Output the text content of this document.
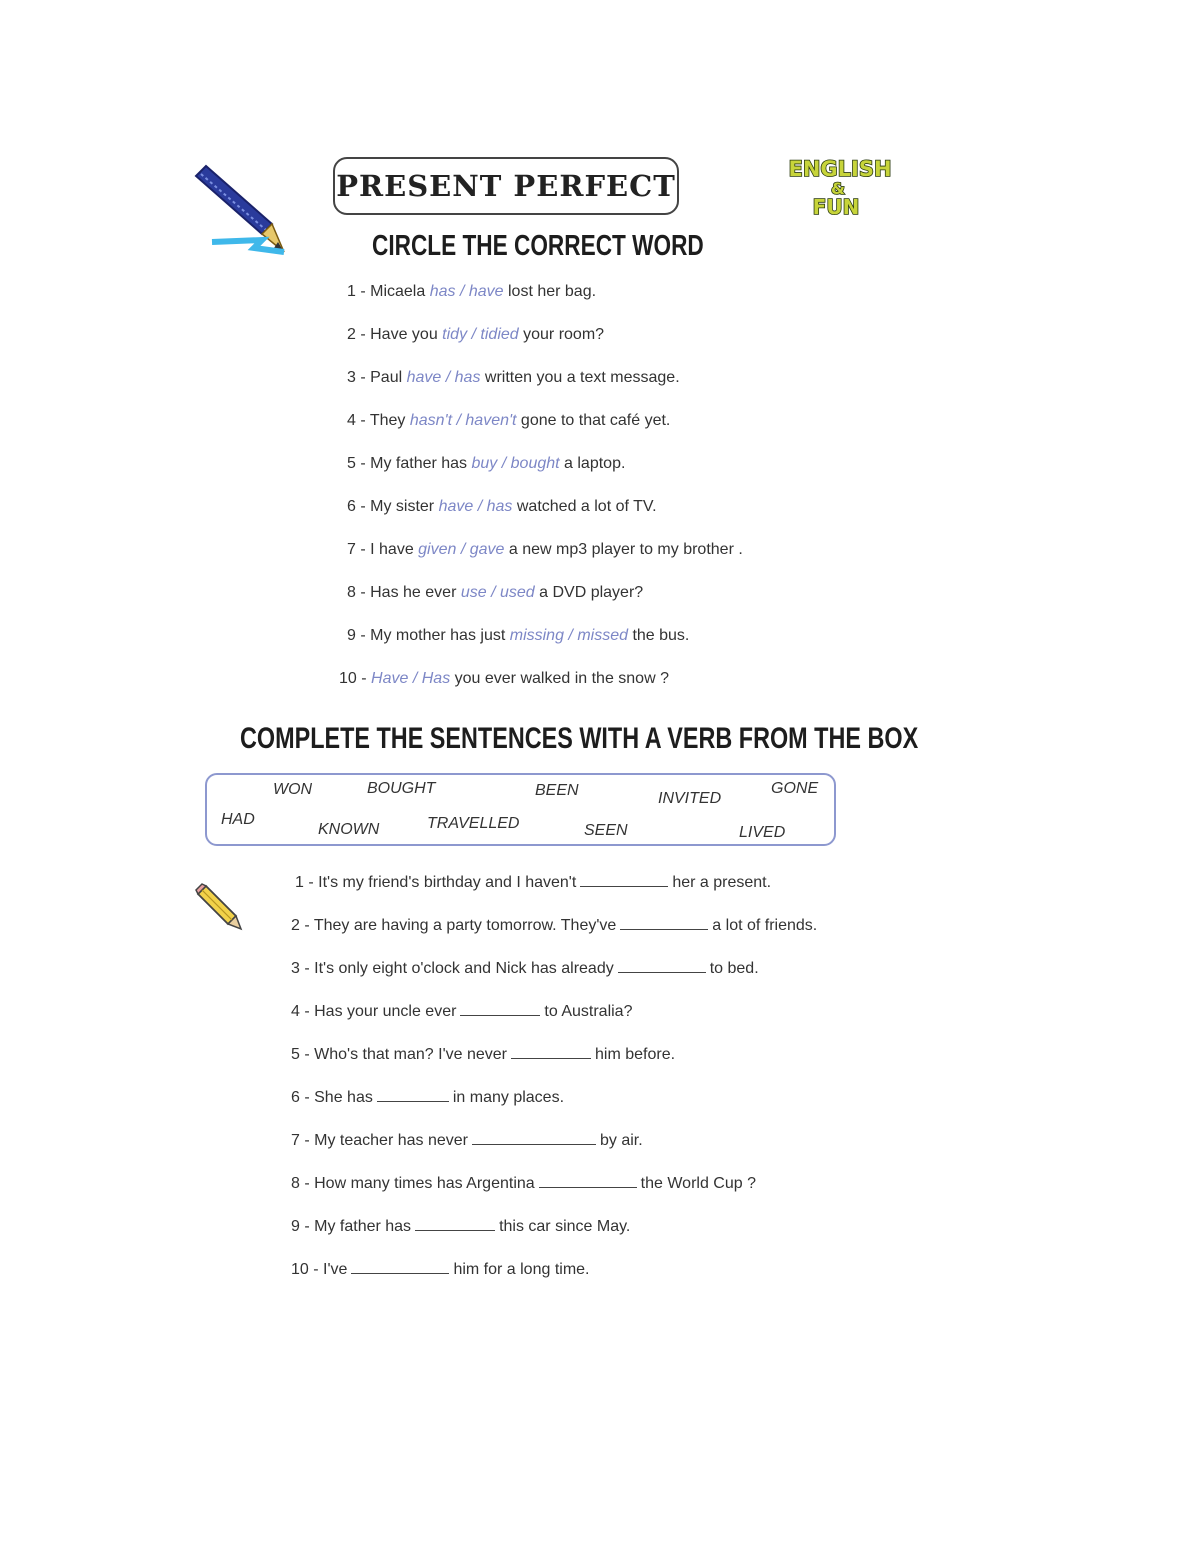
PRESENT PERFECT	ENGLISH
&
FUN
CIRCLE THE CORRECT WORD
1 - Micaela has / have lost her bag.
2 - Have you tidy / tidied your room?
3 - Paul have / has written you a text message.
4 - They hasn't / haven't gone to that café yet.
5 - My father has buy / bought a laptop.
6 - My sister have / has watched a lot of TV.
7 - I have given / gave a new mp3 player to my brother .
8 - Has he ever use / used a DVD player?
9 - My mother has just missing / missed the bus.
10 - Have / Has you ever walked in the snow ?
COMPLETE THE SENTENCES WITH A VERB FROM THE BOX
WON	BOUGHT	BEEN	INVITED
GONE
HAD
KNOWN	TRAVELLED	SEEN	LIVED
1 - It's my friend's birthday and I haven't	her a present.
2 - They are having a party tomorrow. They've	a lot of friends.
3 - It's only eight o'clock and Nick has already	to bed.
4 - Has your uncle ever	to Australia?
5 - Who's that man? I've never	him before.
6 - She has	in many places.
7 - My teacher has never	by air.
8 - How many times has Argentina	the World Cup ?
9 - My father has	this car since May.
10 - I've	him for a long time.
